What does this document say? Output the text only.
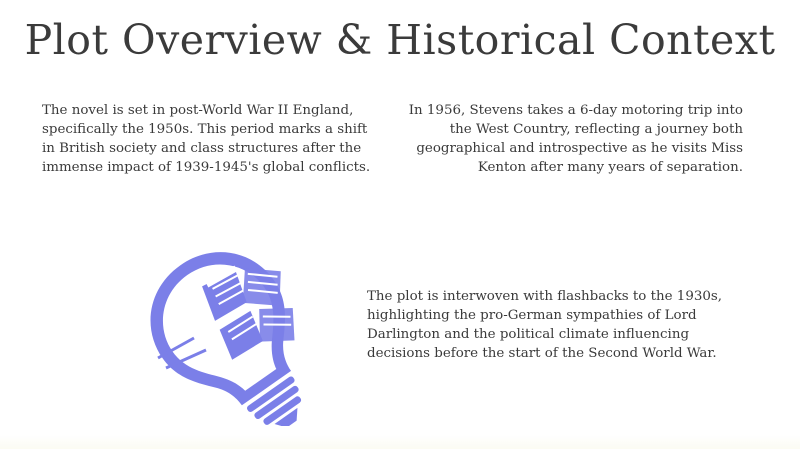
Plot Overview & Historical Context

The novel is set in post-World War II England, specifically the 1950s. This period marks a shift in British society and class structures after the immense impact of 1939-1945's global conflicts.

In 1956, Stevens takes a 6-day motoring trip into the West Country, reflecting a journey both geographical and introspective as he visits Miss Kenton after many years of separation.

The plot is interwoven with flashbacks to the 1930s, highlighting the pro-German sympathies of Lord Darlington and the political climate influencing decisions before the start of the Second World War.
